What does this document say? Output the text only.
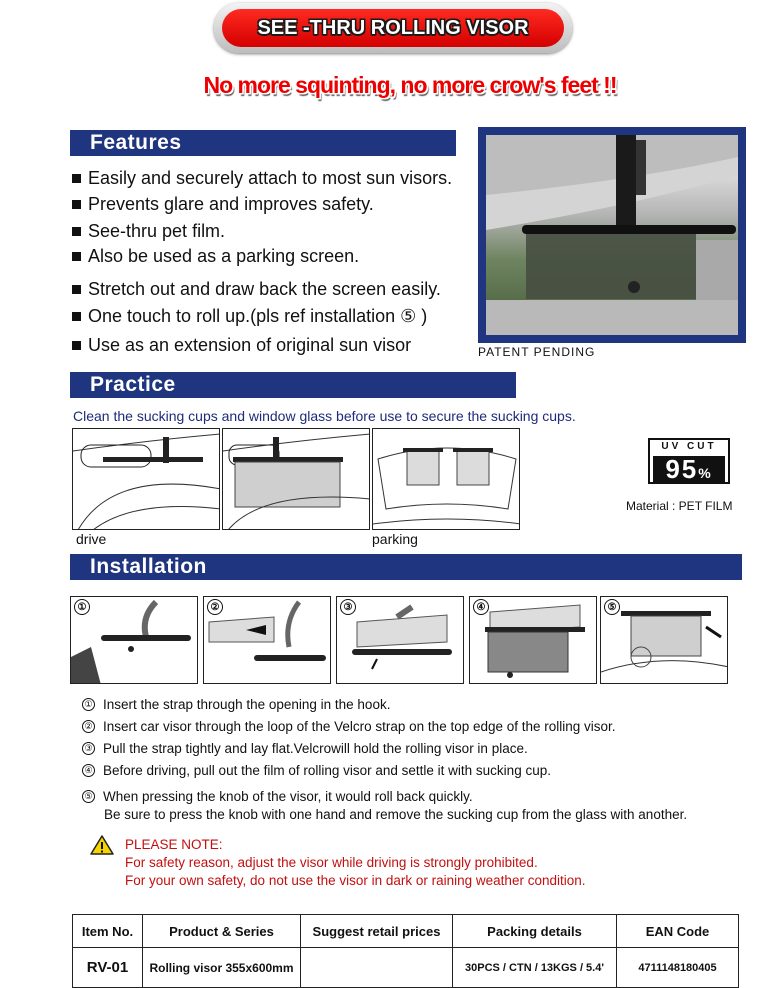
SEE -THRU ROLLING VISOR
No more squinting, no more crow's feet !!
Features
Easily and securely attach to most sun visors.
Prevents glare and improves safety.
See-thru pet film.
Also be used as a parking screen.
Stretch out and draw back the screen easily.
One touch to roll up.(pls ref installation ⑤ )
Use as an extension of original sun visor	PATENT PENDING
Practice
Clean the sucking cups and window glass before use to secure the sucking cups.
drive	parking
UV CUT
95%
Material : PET FILM
Installation
①	②	③	④	⑤
① Insert the strap through the opening in the hook.
② Insert car visor through the loop of the Velcro strap on the top edge of the rolling visor.
③ Pull the strap tightly and lay flat.Velcrowill hold the rolling visor in place.
④ Before driving, pull out the film of rolling visor and settle it with sucking cup.
⑤ When pressing the knob of the visor, it would roll back quickly.
Be sure to press the knob with one hand and remove the sucking cup from the glass with another.
PLEASE NOTE:
For safety reason, adjust the visor while driving is strongly prohibited.
For your own safety, do not use the visor in dark or raining weather condition.
Item No.	Product & Series	Suggest retail prices	Packing details	EAN Code
RV-01	Rolling visor 355x600mm		30PCS / CTN / 13KGS / 5.4'	4711148180405
